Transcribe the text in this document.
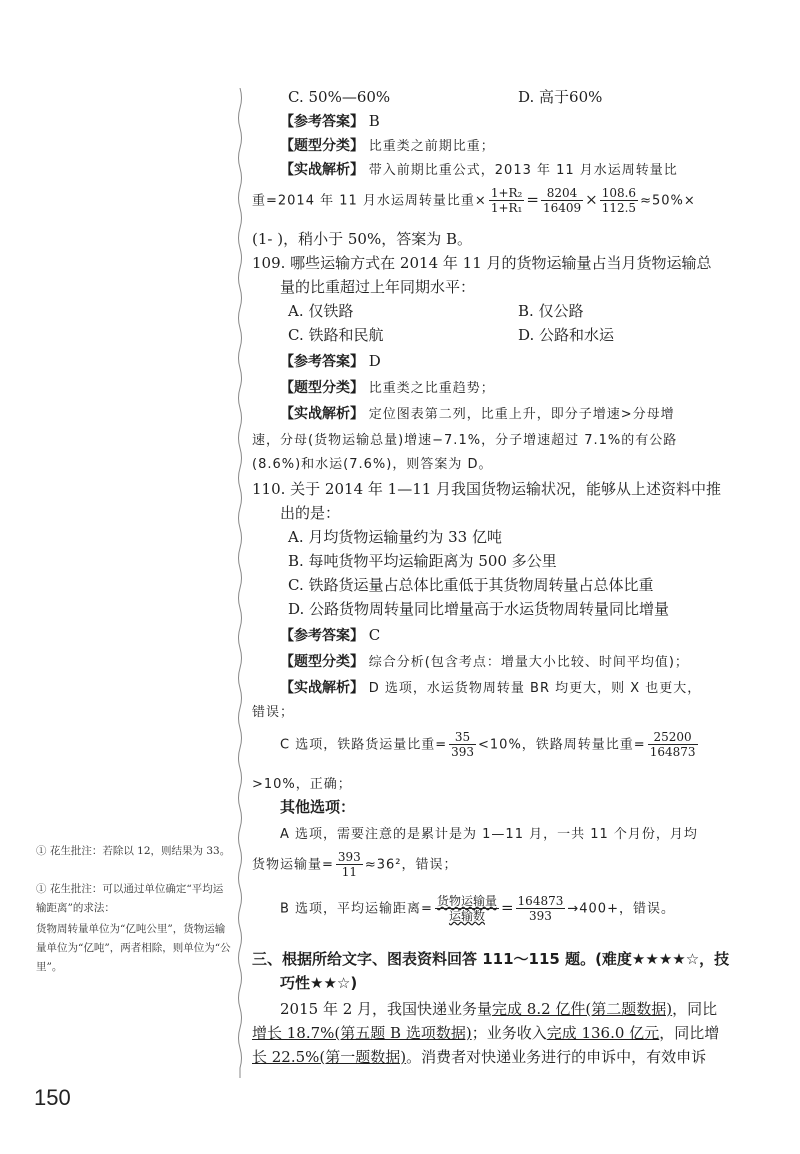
① 花生批注：若除以 12，则结果为 33。
① 花生批注：可以通过单位确定“平均运输距离”的求法：
货物周转量单位为“亿吨公里”，货物运输量单位为“亿吨”，两者相除，则单位为“公里”。
C. 50%—60%	D. 高于60%
【参考答案】 B
【题型分类】 比重类之前期比重；
【实战解析】 带入前期比重公式，2013 年 11 月水运周转量比
重=2014 年 11 月水运周转量比重× $\frac{\text{1+R₂}}{\text{1+R₁}} = \frac{8204}{16409} \times \frac{108.6}{112.5} \approx 50\%\times$
(1- )，稍小于 50%，答案为 B。
109. 哪些运输方式在 2014 年 11 月的货物运输量占当月货物运输总
量的比重超过上年同期水平：
A. 仅铁路	B. 仅公路
C. 铁路和民航	D. 公路和水运
【参考答案】 D
【题型分类】 比重类之比重趋势；
【实战解析】 定位图表第二列，比重上升，即分子增速>分母增
速，分母(货物运输总量)增速−7.1%，分子增速超过 7.1%的有公路
(8.6%)和水运(7.6%)，则答案为 D。
110. 关于 2014 年 1—11 月我国货物运输状况，能够从上述资料中推
出的是：
A. 月均货物运输量约为 33 亿吨
B. 每吨货物平均运输距离为 500 多公里
C. 铁路货运量占总体比重低于其货物周转量占总体比重
D. 公路货物周转量同比增量高于水运货物周转量同比增量
【参考答案】 C
【题型分类】 综合分析(包含考点：增量大小比较、时间平均值)；
【实战解析】 D 选项，水运货物周转量 BR 均更大，则 X 也更大，
错误；
C 选项，铁路货运量比重= $\frac{35}{393} <10\%$，铁路周转量比重= $\frac{25200}{164873}$
>10%，正确；
其他选项：
A 选项，需要注意的是累计是为 1—11 月，一共 11 个月份，月均
货物运输量= $\frac{393}{11} \approx 36^2$，错误；
B 选项，平均运输距离= $\frac{\text{货物运输量}}{\text{运输数}} = \frac{164873}{393} \to 400+$，错误。
三、根据所给文字、图表资料回答 111～115 题。(难度★★★★☆，技
巧性★★☆)
2015 年 2 月，我国快递业务量完成 8.2 亿件(第二题数据)，同比
增长 18.7%(第五题 B 选项数据)；业务收入完成 136.0 亿元，同比增
长 22.5%(第一题数据)。消费者对快递业务进行的申诉中，有效申诉
150
